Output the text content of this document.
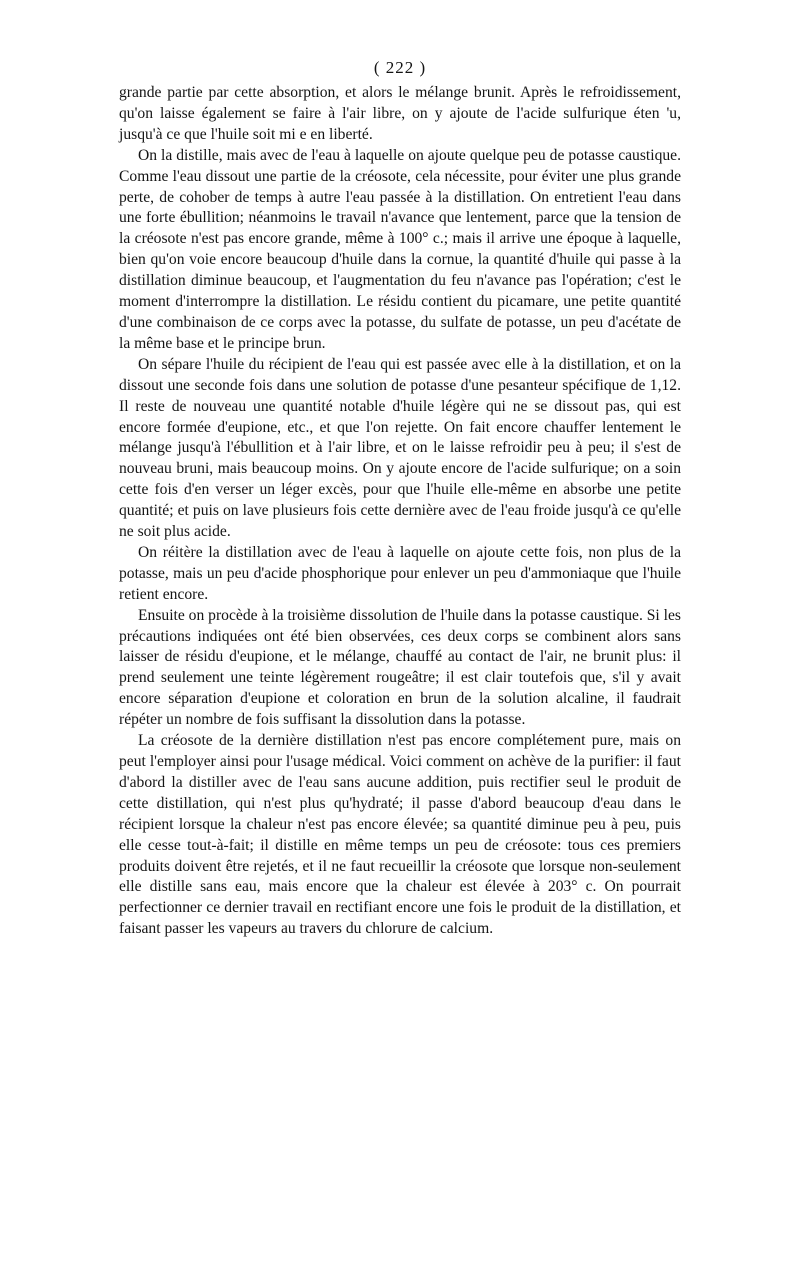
( 222 )

grande partie par cette absorption, et alors le mélange brunit. Après le refroidissement, qu'on laisse également se faire à l'air libre, on y ajoute de l'acide sulfurique éten 'u, jusqu'à ce que l'huile soit mi e en liberté.

On la distille, mais avec de l'eau à laquelle on ajoute quelque peu de potasse caustique. Comme l'eau dissout une partie de la créosote, cela nécessite, pour éviter une plus grande perte, de cohober de temps à autre l'eau passée à la distillation. On entretient l'eau dans une forte ébullition; néanmoins le travail n'avance que lentement, parce que la tension de la créosote n'est pas encore grande, même à 100° c.; mais il arrive une époque à laquelle, bien qu'on voie encore beaucoup d'huile dans la cornue, la quantité d'huile qui passe à la distillation diminue beaucoup, et l'augmentation du feu n'avance pas l'opération; c'est le moment d'interrompre la distillation. Le résidu contient du picamare, une petite quantité d'une combinaison de ce corps avec la potasse, du sulfate de potasse, un peu d'acétate de la même base et le principe brun.

On sépare l'huile du récipient de l'eau qui est passée avec elle à la distillation, et on la dissout une seconde fois dans une solution de potasse d'une pesanteur spécifique de 1,12. Il reste de nouveau une quantité notable d'huile légère qui ne se dissout pas, qui est encore formée d'eupione, etc., et que l'on rejette. On fait encore chauffer lentement le mélange jusqu'à l'ébullition et à l'air libre, et on le laisse refroidir peu à peu; il s'est de nouveau bruni, mais beaucoup moins. On y ajoute encore de l'acide sulfurique; on a soin cette fois d'en verser un léger excès, pour que l'huile elle-même en absorbe une petite quantité; et puis on lave plusieurs fois cette dernière avec de l'eau froide jusqu'à ce qu'elle ne soit plus acide.

On réitère la distillation avec de l'eau à laquelle on ajoute cette fois, non plus de la potasse, mais un peu d'acide phosphorique pour enlever un peu d'ammoniaque que l'huile retient encore.

Ensuite on procède à la troisième dissolution de l'huile dans la potasse caustique. Si les précautions indiquées ont été bien observées, ces deux corps se combinent alors sans laisser de résidu d'eupione, et le mélange, chauffé au contact de l'air, ne brunit plus: il prend seulement une teinte légèrement rougeâtre; il est clair toutefois que, s'il y avait encore séparation d'eupione et coloration en brun de la solution alcaline, il faudrait répéter un nombre de fois suffisant la dissolution dans la potasse.

La créosote de la dernière distillation n'est pas encore complétement pure, mais on peut l'employer ainsi pour l'usage médical. Voici comment on achève de la purifier: il faut d'abord la distiller avec de l'eau sans aucune addition, puis rectifier seul le produit de cette distillation, qui n'est plus qu'hydraté; il passe d'abord beaucoup d'eau dans le récipient lorsque la chaleur n'est pas encore élevée; sa quantité diminue peu à peu, puis elle cesse tout-à-fait; il distille en même temps un peu de créosote: tous ces premiers produits doivent être rejetés, et il ne faut recueillir la créosote que lorsque non-seulement elle distille sans eau, mais encore que la chaleur est élevée à 203° c. On pourrait perfectionner ce dernier travail en rectifiant encore une fois le produit de la distillation, et faisant passer les vapeurs au travers du chlorure de calcium.
